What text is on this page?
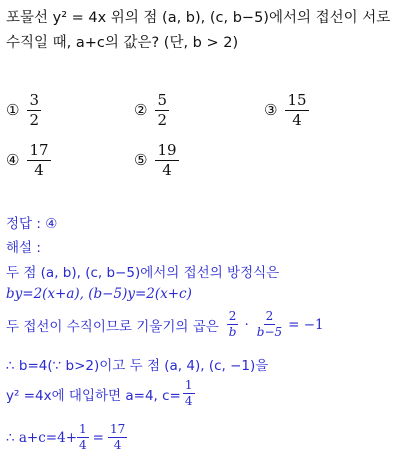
포물선 y² = 4x 위의 점 (a, b), (c, b−5)에서의 접선이 서로
수직일 때, a+c의 값은? (단, b > 2)
① $\frac{3}{2}$	② $\frac{5}{2}$	③ $\frac{15}{4}$
④ $\frac{17}{4}$	⑤ $\frac{19}{4}$
정답 : ④
해설 :
두 점 (a, b), (c, b−5)에서의 접선의 방정식은
by=2(x+a), (b−5)y=2(x+c)
두 접선이 수직이므로 기울기의 곱은 $\frac{2}{b} \cdot \frac{2}{b-5} = -1$
∴ b=4(∵ b>2)이고 두 점 (a, 4), (c, −1)을
y² =4x에 대입하면 a=4, $c= \frac{1}{4}$
∴ $a+c=4+ \frac{1}{4} = \frac{17}{4}$
